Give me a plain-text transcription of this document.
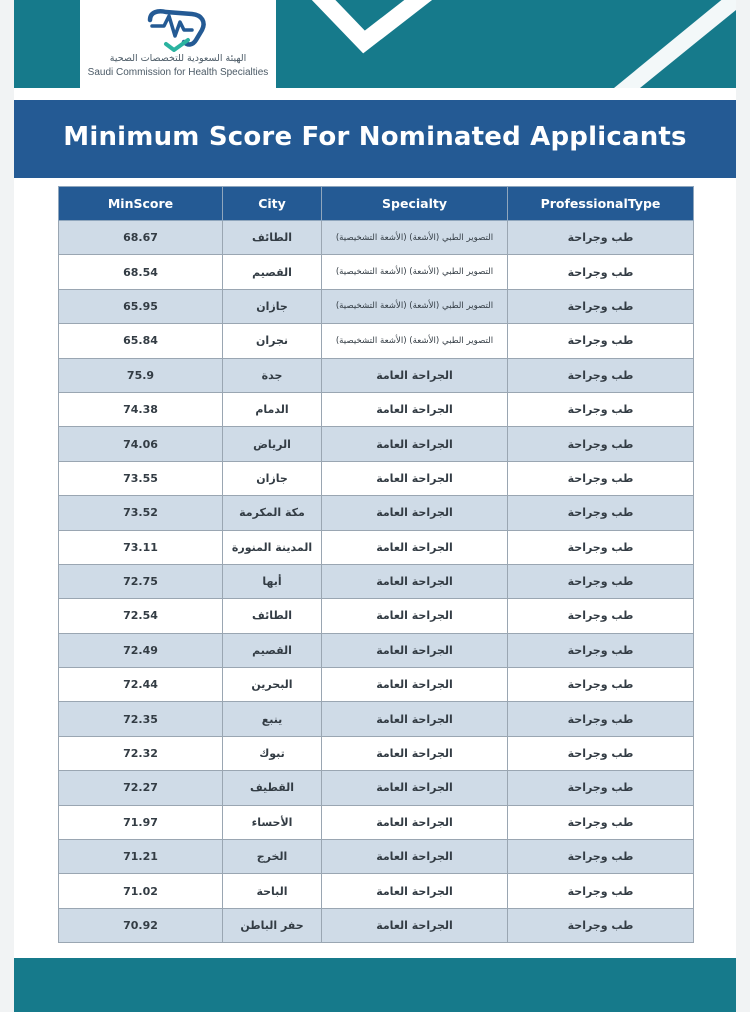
الهيئة السعودية للتخصصات الصحية
Saudi Commission for Health Specialties
Minimum Score For Nominated Applicants
MinScore	City	Specialty	ProfessionalType
68.67	الطائف	التصوير الطبي (الأشعة) (الأشعة التشخيصية)	طب وجراحة
68.54	القصيم	التصوير الطبي (الأشعة) (الأشعة التشخيصية)	طب وجراحة
65.95	جازان	التصوير الطبي (الأشعة) (الأشعة التشخيصية)	طب وجراحة
65.84	نجران	التصوير الطبي (الأشعة) (الأشعة التشخيصية)	طب وجراحة
75.9	جدة	الجراحة العامة	طب وجراحة
74.38	الدمام	الجراحة العامة	طب وجراحة
74.06	الرياض	الجراحة العامة	طب وجراحة
73.55	جازان	الجراحة العامة	طب وجراحة
73.52	مكة المكرمة	الجراحة العامة	طب وجراحة
73.11	المدينة المنورة	الجراحة العامة	طب وجراحة
72.75	أبها	الجراحة العامة	طب وجراحة
72.54	الطائف	الجراحة العامة	طب وجراحة
72.49	القصيم	الجراحة العامة	طب وجراحة
72.44	البحرين	الجراحة العامة	طب وجراحة
72.35	ينبع	الجراحة العامة	طب وجراحة
72.32	تبوك	الجراحة العامة	طب وجراحة
72.27	القطيف	الجراحة العامة	طب وجراحة
71.97	الأحساء	الجراحة العامة	طب وجراحة
71.21	الخرج	الجراحة العامة	طب وجراحة
71.02	الباحة	الجراحة العامة	طب وجراحة
70.92	حفر الباطن	الجراحة العامة	طب وجراحة
